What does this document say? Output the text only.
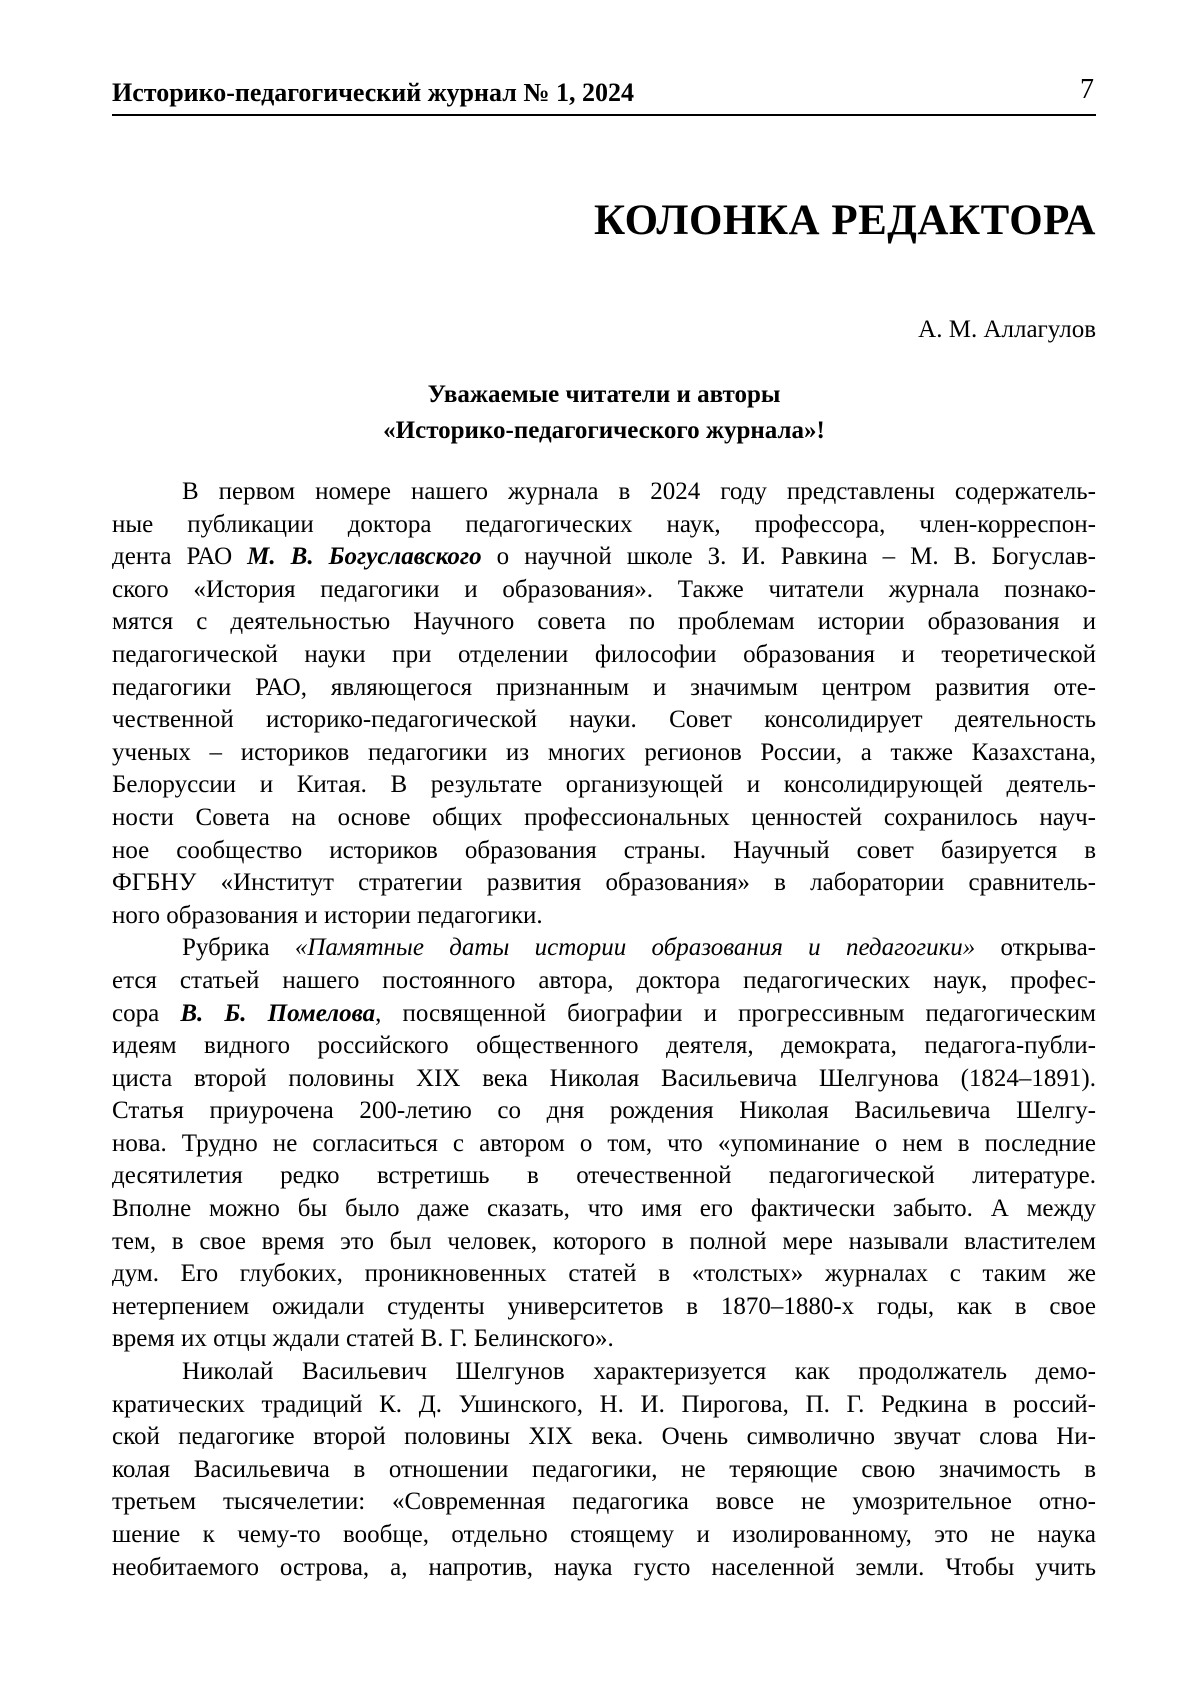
Историко-педагогический журнал № 1, 2024	7
КОЛОНКА РЕДАКТОРА
А. М. Аллагулов
Уважаемые читатели и авторы
«Историко-педагогического журнала»!
В первом номере нашего журнала в 2024 году представлены содержатель-
ные публикации доктора педагогических наук, профессора, член-корреспон-
дента РАО М. В. Богуславского о научной школе З. И. Равкина – М. В. Богуслав-
ского «История педагогики и образования». Также читатели журнала познако-
мятся с деятельностью Научного совета по проблемам истории образования и
педагогической науки при отделении философии образования и теоретической
педагогики РАО, являющегося признанным и значимым центром развития оте-
чественной историко-педагогической науки. Совет консолидирует деятельность
ученых – историков педагогики из многих регионов России, а также Казахстана,
Белоруссии и Китая. В результате организующей и консолидирующей деятель-
ности Совета на основе общих профессиональных ценностей сохранилось науч-
ное сообщество историков образования страны. Научный совет базируется в
ФГБНУ «Институт стратегии развития образования» в лаборатории сравнитель-
ного образования и истории педагогики.
Рубрика «Памятные даты истории образования и педагогики» открыва-
ется статьей нашего постоянного автора, доктора педагогических наук, профес-
сора В. Б. Помелова, посвященной биографии и прогрессивным педагогическим
идеям видного российского общественного деятеля, демократа, педагога-публи-
циста второй половины XIX века Николая Васильевича Шелгунова (1824–1891).
Статья приурочена 200-летию со дня рождения Николая Васильевича Шелгу-
нова. Трудно не согласиться с автором о том, что «упоминание о нем в последние
десятилетия редко встретишь в отечественной педагогической литературе.
Вполне можно бы было даже сказать, что имя его фактически забыто. А между
тем, в свое время это был человек, которого в полной мере называли властителем
дум. Его глубоких, проникновенных статей в «толстых» журналах с таким же
нетерпением ожидали студенты университетов в 1870–1880-х годы, как в свое
время их отцы ждали статей В. Г. Белинского».
Николай Васильевич Шелгунов характеризуется как продолжатель демо-
кратических традиций К. Д. Ушинского, Н. И. Пирогова, П. Г. Редкина в россий-
ской педагогике второй половины XIX века. Очень символично звучат слова Ни-
колая Васильевича в отношении педагогики, не теряющие свою значимость в
третьем тысячелетии: «Современная педагогика вовсе не умозрительное отно-
шение к чему-то вообще, отдельно стоящему и изолированному, это не наука
необитаемого острова, а, напротив, наука густо населенной земли. Чтобы учить
